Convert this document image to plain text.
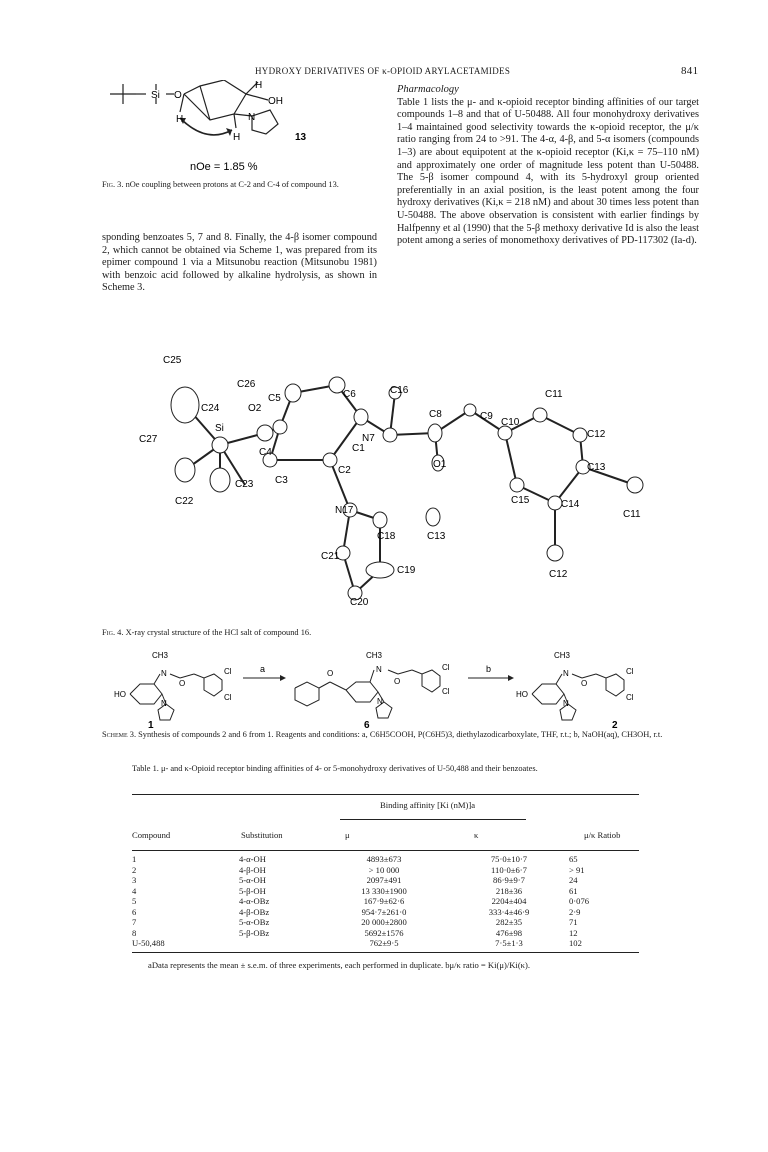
HYDROXY DERIVATIVES OF κ-OPIOID ARYLACETAMIDES	841
Si O
H
OH
H
H
N
13
nOe = 1.85 %
Fig. 3. nOe coupling between protons at C-2 and C-4 of compound 13.

sponding benzoates 5, 7 and 8. Finally, the 4-β isomer compound 2, which cannot be obtained via Scheme 1, was prepared from its epimer compound 1 via a Mitsunobu reaction (Mitsunobu 1981) with benzoic acid followed by alkaline hydrolysis, as shown in Scheme 3.

Pharmacology

Table 1 lists the μ- and κ-opioid receptor binding affinities of our target compounds 1–8 and that of U-50488. All four monohydroxy derivatives 1–4 maintained good selectivity towards the κ-opioid receptor, the μ/κ ratio ranging from 24 to >91. The 4-α, 4-β, and 5-α isomers (compounds 1–3) are about equipotent at the κ-opioid receptor (Ki,κ = 75–110 nM) and approximately one order of magnitude less potent than U-50488. The 5-β isomer compound 4, with its 5-hydroxyl group oriented preferentially in an axial position, is the least potent among the four hydroxy derivatives (Ki,κ = 218 nM) and about 30 times less potent than U-50488. The above observation is consistent with earlier findings by Halfpenny et al (1990) that the 5-β methoxy derivative Id is also the least potent among a series of monomethoxy derivatives of PD-117302 (Ia-d).

C25
C26
C24	O2
C5	C6	C16
C8	C9
C10
C11
C27
Si
C4	C1
N7
O1
C12
C13
C3
C2
C15	C14
C22
C23
N17
C18	C13
C11
C21
C19	C12
C20
Fig. 4. X-ray crystal structure of the HCl salt of compound 16.
CH3
N
O
Cl
Cl
HO
N
O
CH3
N
O
Cl
Cl
N
CH3
N
O
Cl
Cl
HO
N
a	b
1	6	2
Scheme 3. Synthesis of compounds 2 and 6 from 1. Reagents and conditions: a, C6H5COOH, P(C6H5)3, diethylazodicarboxylate, THF, r.t.; b, NaOH(aq), CH3OH, r.t.
Table 1. μ- and κ-Opioid receptor binding affinities of 4- or 5-monohydroxy derivatives of U-50,488 and their benzoates.
Binding affinity [Ki (nM)]a
Compound	Substitution	μ	κ	μ/κ Ratiob
1	4-α-OH	4893±673	75·0±10·7	65
2	4-β-OH	> 10 000	110·0±6·7	> 91
3	5-α-OH	2097±491	86·9±9·7	24
4	5-β-OH	13 330±1900	218±36	61
5	4-α-OBz	167·9±62·6	2204±404	0·076
6	4-β-OBz	954·7±261·0	333·4±46·9	2·9
7	5-α-OBz	20 000±2800	282±35	71
8	5-β-OBz	5692±1576	476±98	12
U-50,488		762±9·5	7·5±1·3	102
aData represents the mean ± s.e.m. of three experiments, each performed in duplicate. bμ/κ ratio = Ki(μ)/Ki(κ).
